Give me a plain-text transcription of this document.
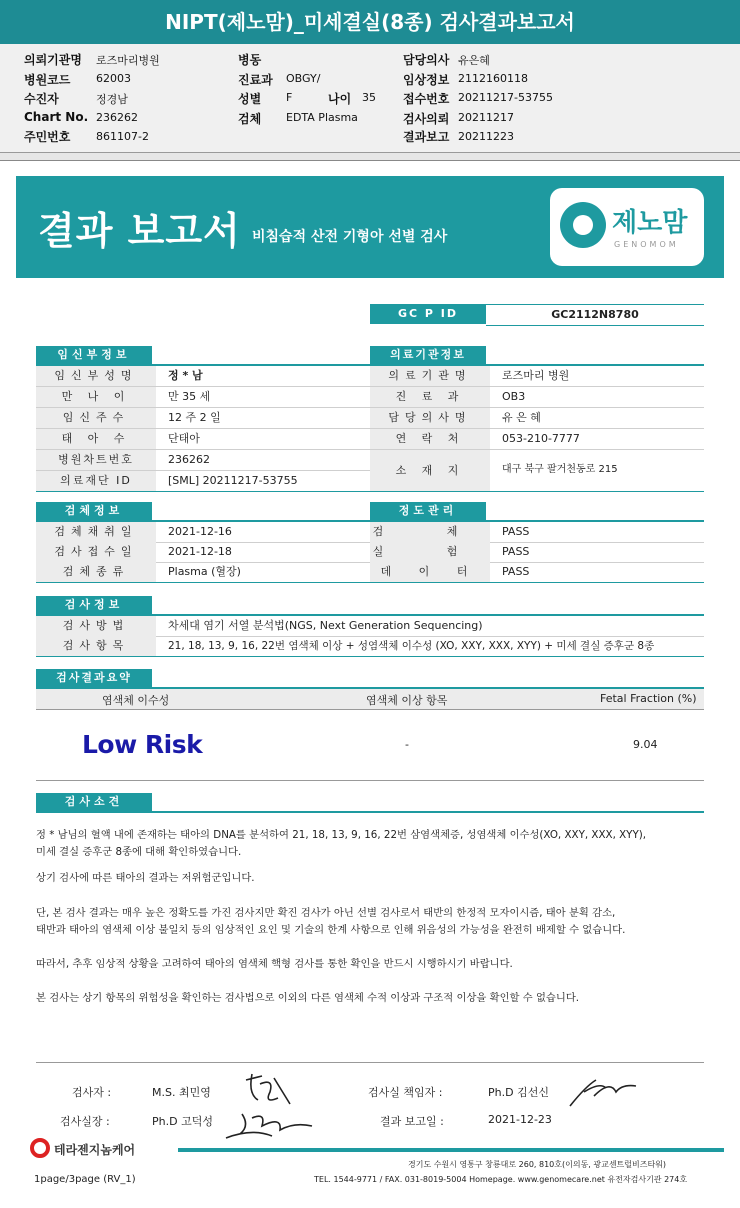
NIPT(제노맘)_미세결실(8종) 검사결과보고서
의뢰기관명 로즈마리병원
병원코드 62003
수진자	정경남
Chart No. 236262
주민번호 861107-2
병동
진료과 OBGY/
성별 F	나이 35
검체 EDTA Plasma
담당의사 유은혜
임상정보 2112160118
접수번호 20211217-53755
검사의뢰 20211217
결과보고 20211223
결과 보고서 비침습적 산전 기형아 선별 검사	제노맘
GENOMOM
GC P ID	GC2112N8780
임신부정보
임신부성명	정 * 남
만 나 이	만 35 세
임신주수	12 주 2 일
태 아 수	단태아
병원차트번호	236262
의료재단 ID	[SML] 20211217-53755
의료기관정보
의료기관명	로즈마리 병원
진 료 과	OB3
담당의사명	유 은 혜
연 락 처	053-210-7777
소 재 지	대구 북구 팔거천동로 215
검체정보
검체채취일	2021-12-16
검사접수일	2021-12-18
검체종류	Plasma (혈장)
정도관리
검 체 PASS
실 험 PASS
데 이 터	PASS
검사정보
검사방법	차세대 염기 서열 분석법(NGS, Next Generation Sequencing)
검사항목	21, 18, 13, 9, 16, 22번 염색체 이상 + 성염색체 이수성 (XO, XXY, XXX, XYY) + 미세 결실 증후군 8종
검사결과요약
염색체 이수성	염색체 이상 항목	Fetal Fraction (%)
Low Risk	-	9.04
검사소견
정 * 남님의 혈액 내에 존재하는 태아의 DNA를 분석하여 21, 18, 13, 9, 16, 22번 삼염색체증, 성염색체 이수성(XO, XXY, XXX, XYY),
미세 결실 증후군 8종에 대해 확인하였습니다.
상기 검사에 따른 태아의 결과는 저위험군입니다.
단, 본 검사 결과는 매우 높은 정확도를 가진 검사지만 확진 검사가 아닌 선별 검사로서 태반의 한정적 모자이시즘, 태아 분획 감소,
태반과 태아의 염색체 이상 불일치 등의 임상적인 요인 및 기술의 한계 사항으로 인해 위음성의 가능성을 완전히 배제할 수 없습니다.
따라서, 추후 임상적 상황을 고려하여 태아의 염색체 핵형 검사를 통한 확인을 반드시 시행하시기 바랍니다.
본 검사는 상기 항목의 위험성을 확인하는 검사법으로 이외의 다른 염색체 수적 이상과 구조적 이상을 확인할 수 없습니다.
검사자 :	M.S. 최민영	검사실 책임자 :	Ph.D 김선신
검사실장 :	Ph.D 고덕성	결과 보고일 :	2021-12-23
테라젠지놈케어
1page/3page (RV_1)
경기도 수원시 영통구 창룡대로 260, 810호(이의동, 광교센트럴비즈타워)
TEL. 1544-9771 / FAX. 031-8019-5004 Homepage. www.genomecare.net 유전자검사기관 274호
